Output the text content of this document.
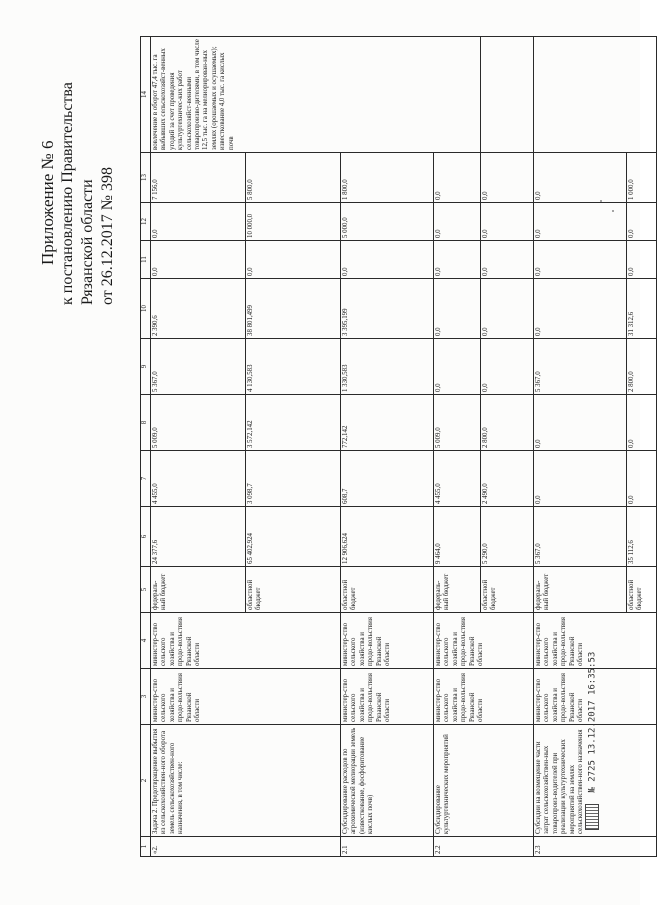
Приложение № 6 к постановлению Правительства Рязанской области от 26.12.2017 № 398
1	2	3	4	5	6	7	8	9	10	11	12	13	14
«2.	Задача 2. Предотвращение выбытия из сельскохозяйствен-ного оборота земель сельскохозяйствен-ного назначения, в том числе:	министер-ство сельского хозяйства и продо-вольствия Рязанской области	министер-ство сельского хозяйства и продо-вольствия Рязанской области	федераль-ный бюджет	24 377,6	4 455,0	5 009,0	5 367,0	2 390,6	0,0	0,0	7 156,0	вовлечение в оборот 47,4 тыс. га выбывших сельскохозяйст-венных угодий за счет проведения культуртехничес-ких работ сельскохозяйст-венными товаропроизво-дителями, в том числе 12,5 тыс. га на мелиорирован-ных землях (орошаемых и осушаемых); известкование 4,0 тыс. га кислых почв
				областной бюджет	65 402,924	3 098,7	3 572,142	4 130,583	38 801,499	0,0	10 000,0	5 800,0	
2.1	Субсидирование расходов по агрохимической мелиорации земель (известкование, фосфоритование кислых почв)	министер-ство сельского хозяйства и продо-вольствия Рязанской области	министер-ство сельского хозяйства и продо-вольствия Рязанской области	областной бюджет	12 906,624	608,7	772,142	1 330,583	3 395,199	0,0	5 000,0	1 800,0	
2.2	Субсидирование культуртехнических мероприятий	министер-ство сельского хозяйства и продо-вольствия Рязанской области	министер-ство сельского хозяйства и продо-вольствия Рязанской области	федераль-ный бюджет	9 464,0	4 455,0	5 009,0	0,0	0,0	0,0	0,0	0,0	
				областной бюджет	5 290,0	2 490,0	2 800,0	0,0	0,0	0,0	0,0	0,0	
2.3	Субсидии на возмещение части затрат сельскохозяйствен-ных товаропроиз-водителей при реализации культуртехнических мероприятий на землях сельскохозяйствен-ного назначения	министер-ство сельского хозяйства и продо-вольствия Рязанской области	министер-ство сельского хозяйства и продо-вольствия Рязанской области	федераль-ный бюджет	5 367,0	0,0	0,0	5 367,0	0,0	0,0	0,0	0,0	
				областной бюджет	35 112,6	0,0	0,0	2 800,0	31 312,6	0,0	0,0	1 000,0	
№ 2725 13.12.2017 16:35:53
